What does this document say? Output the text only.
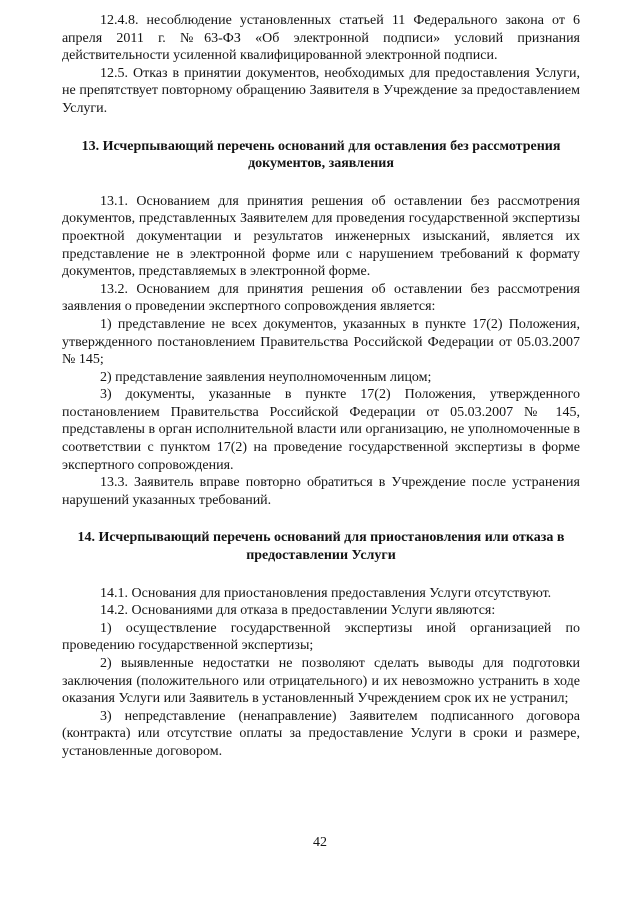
12.4.8. несоблюдение установленных статьей 11 Федерального закона от 6 апреля 2011 г. №63-ФЗ «Об электронной подписи» условий признания действительности усиленной квалифицированной электронной подписи.

12.5. Отказ в принятии документов, необходимых для предоставления Услуги, не препятствует повторному обращению Заявителя в Учреждение за предоставлением Услуги.

13. Исчерпывающий перечень оснований для оставления без рассмотрения документов, заявления

13.1. Основанием для принятия решения об оставлении без рассмотрения документов, представленных Заявителем для проведения государственной экспертизы проектной документации и результатов инженерных изысканий, является их представление не в электронной форме или с нарушением требований к формату документов, представляемых в электронной форме.

13.2. Основанием для принятия решения об оставлении без рассмотрения заявления о проведении экспертного сопровождения является:

1) представление не всех документов, указанных в пункте 17(2) Положения, утвержденного постановлением Правительства Российской Федерации от 05.03.2007 № 145;

2) представление заявления неуполномоченным лицом;

3) документы, указанные в пункте 17(2) Положения, утвержденного постановлением Правительства Российской Федерации от 05.03.2007 № 145, представлены в орган исполнительной власти или организацию, не уполномоченные в соответствии с пунктом 17(2) на проведение государственной экспертизы в форме экспертного сопровождения.

13.3. Заявитель вправе повторно обратиться в Учреждение после устранения нарушений указанных требований.

14. Исчерпывающий перечень оснований для приостановления или отказа в предоставлении Услуги

14.1. Основания для приостановления предоставления Услуги отсутствуют.

14.2. Основаниями для отказа в предоставлении Услуги являются:

1) осуществление государственной экспертизы иной организацией по проведению государственной экспертизы;

2) выявленные недостатки не позволяют сделать выводы для подготовки заключения (положительного или отрицательного) и их невозможно устранить в ходе оказания Услуги или Заявитель в установленный Учреждением срок их не устранил;

3) непредставление (ненаправление) Заявителем подписанного договора (контракта) или отсутствие оплаты за предоставление Услуги в сроки и размере, установленные договором.

42
